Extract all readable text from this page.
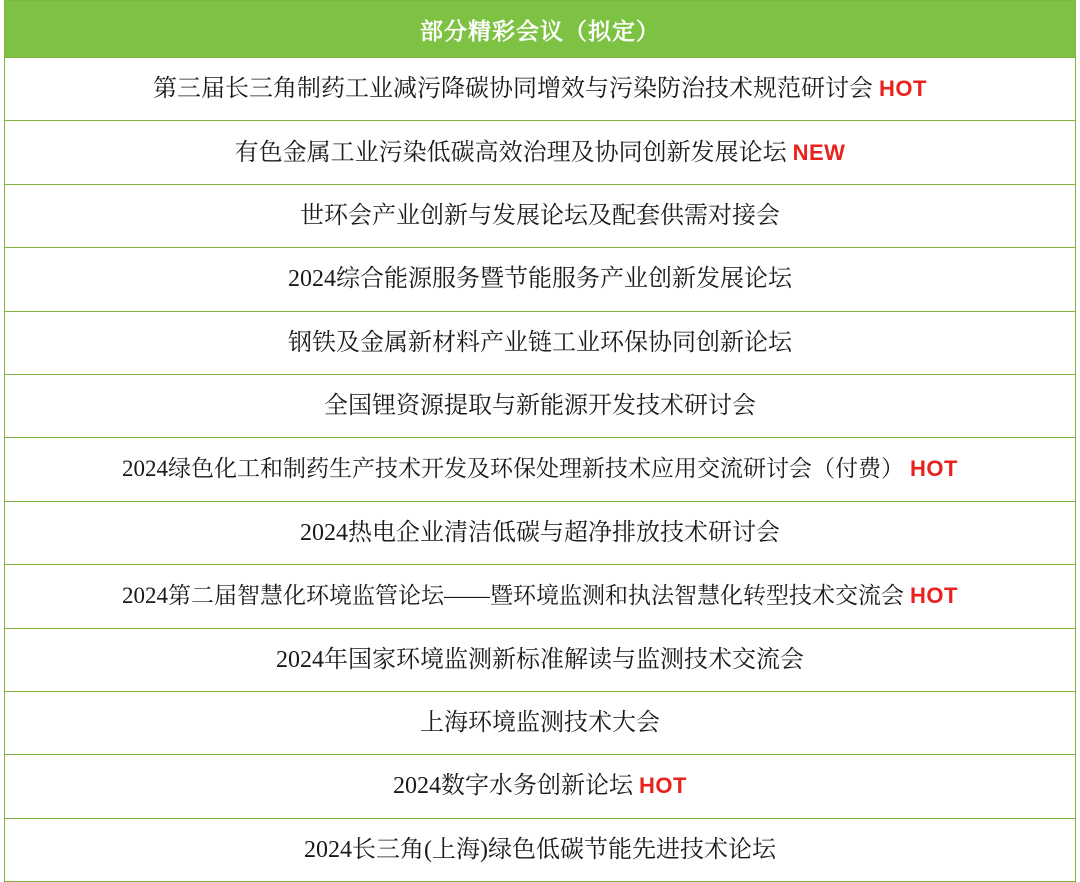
部分精彩会议（拟定）
第三届长三角制药工业减污降碳协同增效与污染防治技术规范研讨会 HOT
有色金属工业污染低碳高效治理及协同创新发展论坛 NEW
世环会产业创新与发展论坛及配套供需对接会
2024综合能源服务暨节能服务产业创新发展论坛
钢铁及金属新材料产业链工业环保协同创新论坛
全国锂资源提取与新能源开发技术研讨会
2024绿色化工和制药生产技术开发及环保处理新技术应用交流研讨会（付费） HOT
2024热电企业清洁低碳与超净排放技术研讨会
2024第二届智慧化环境监管论坛——暨环境监测和执法智慧化转型技术交流会 HOT
2024年国家环境监测新标准解读与监测技术交流会
上海环境监测技术大会
2024数字水务创新论坛 HOT
2024长三角(上海)绿色低碳节能先进技术论坛
